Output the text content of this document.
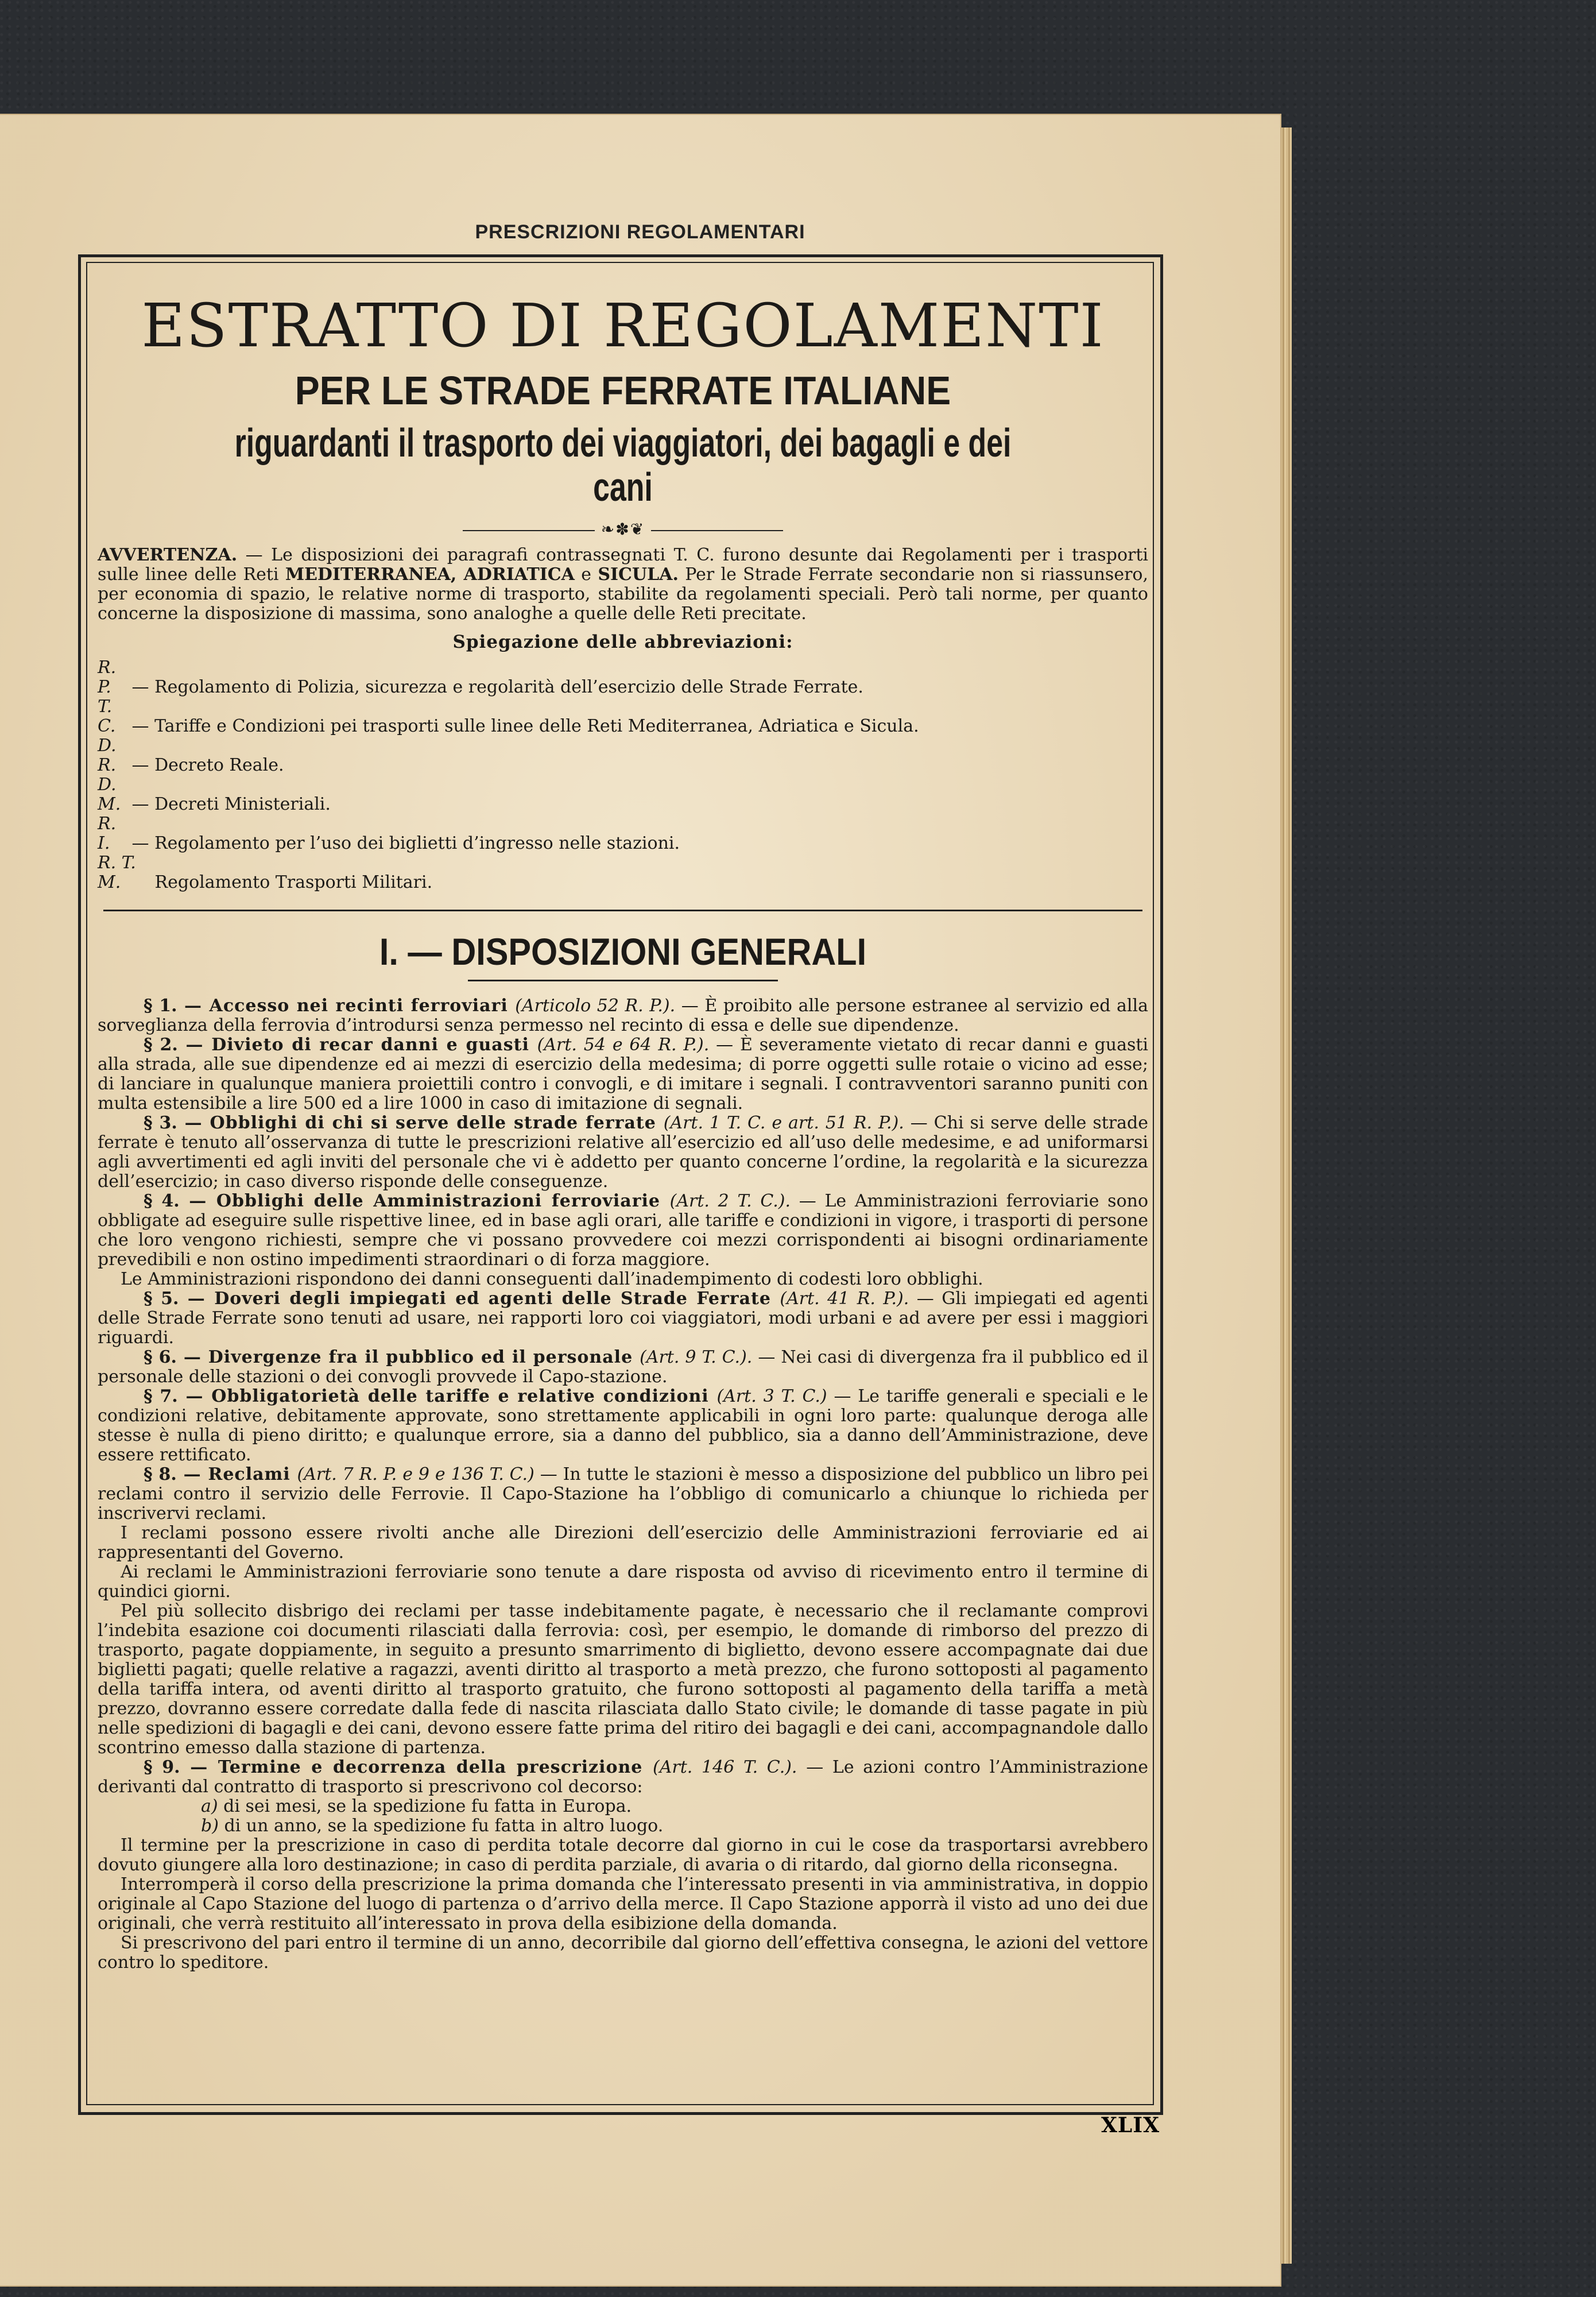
PRESCRIZIONI REGOLAMENTARI
ESTRATTO DI REGOLAMENTI
PER LE STRADE FERRATE ITALIANE
riguardanti il trasporto dei viaggiatori, dei bagagli e dei cani
❧✽❦

AVVERTENZA. — Le disposizioni dei paragrafi contrassegnati T. C. furono desunte dai Regolamenti per i trasporti sulle linee delle Reti MEDITERRANEA, ADRIATICA e SICULA. Per le Strade Ferrate secondarie non si riassunsero, per economia di spazio, le relative norme di trasporto, stabilite da regolamenti speciali. Però tali norme, per quanto concerne la disposizione di massima, sono analoghe a quelle delle Reti precitate.

Spiegazione delle abbreviazioni:

R. P. — Regolamento di Polizia, sicurezza e regolarità dell’esercizio delle Strade Ferrate.

T. C. — Tariffe e Condizioni pei trasporti sulle linee delle Reti Mediterranea, Adriatica e Sicula.

D. R. — Decreto Reale.

D. M. — Decreti Ministeriali.

R. I. — Regolamento per l’uso dei biglietti d’ingresso nelle stazioni.

R. T. M. Regolamento Trasporti Militari.

I. — DISPOSIZIONI GENERALI

§ 1. — Accesso nei recinti ferroviari (Articolo 52 R. P.). — È proibito alle persone estranee al servizio ed alla sorveglianza della ferrovia d’introdursi senza permesso nel recinto di essa e delle sue dipendenze.

§ 2. — Divieto di recar danni e guasti (Art. 54 e 64 R. P.). — È severamente vietato di recar danni e guasti alla strada, alle sue dipendenze ed ai mezzi di esercizio della medesima; di porre oggetti sulle rotaie o vicino ad esse; di lanciare in qualunque maniera proiettili contro i convogli, e di imitare i segnali. I contravventori saranno puniti con multa estensibile a lire 500 ed a lire 1000 in caso di imitazione di segnali.

§ 3. — Obblighi di chi si serve delle strade ferrate (Art. 1 T. C. e art. 51 R. P.). — Chi si serve delle strade ferrate è tenuto all’osservanza di tutte le prescrizioni relative all’esercizio ed all’uso delle medesime, e ad uniformarsi agli avvertimenti ed agli inviti del personale che vi è addetto per quanto concerne l’ordine, la regolarità e la sicurezza dell’esercizio; in caso diverso risponde delle conseguenze.

§ 4. — Obblighi delle Amministrazioni ferroviarie (Art. 2 T. C.). — Le Amministrazioni ferroviarie sono obbligate ad eseguire sulle rispettive linee, ed in base agli orari, alle tariffe e condizioni in vigore, i trasporti di persone che loro vengono richiesti, sempre che vi possano provvedere coi mezzi corrispondenti ai bisogni ordinariamente prevedibili e non ostino impedimenti straordinari o di forza maggiore.

Le Amministrazioni rispondono dei danni conseguenti dall’inadempimento di codesti loro obblighi.

§ 5. — Doveri degli impiegati ed agenti delle Strade Ferrate (Art. 41 R. P.). — Gli impiegati ed agenti delle Strade Ferrate sono tenuti ad usare, nei rapporti loro coi viaggiatori, modi urbani e ad avere per essi i maggiori riguardi.

§ 6. — Divergenze fra il pubblico ed il personale (Art. 9 T. C.). — Nei casi di divergenza fra il pubblico ed il personale delle stazioni o dei convogli provvede il Capo-stazione.

§ 7. — Obbligatorietà delle tariffe e relative condizioni (Art. 3 T. C.) — Le tariffe generali e speciali e le condizioni relative, debitamente approvate, sono strettamente applicabili in ogni loro parte: qualunque deroga alle stesse è nulla di pieno diritto; e qualunque errore, sia a danno del pubblico, sia a danno dell’Amministrazione, deve essere rettificato.

§ 8. — Reclami (Art. 7 R. P. e 9 e 136 T. C.) — In tutte le stazioni è messo a disposizione del pubblico un libro pei reclami contro il servizio delle Ferrovie. Il Capo-Stazione ha l’obbligo di comunicarlo a chiunque lo richieda per inscrivervi reclami.

I reclami possono essere rivolti anche alle Direzioni dell’esercizio delle Amministrazioni ferroviarie ed ai rappresentanti del Governo.

Ai reclami le Amministrazioni ferroviarie sono tenute a dare risposta od avviso di ricevimento entro il termine di quindici giorni.

Pel più sollecito disbrigo dei reclami per tasse indebitamente pagate, è necessario che il reclamante comprovi l’indebita esazione coi documenti rilasciati dalla ferrovia: così, per esempio, le domande di rimborso del prezzo di trasporto, pagate doppiamente, in seguito a presunto smarrimento di biglietto, devono essere accompagnate dai due biglietti pagati; quelle relative a ragazzi, aventi diritto al trasporto a metà prezzo, che furono sottoposti al pagamento della tariffa intera, od aventi diritto al trasporto gratuito, che furono sottoposti al pagamento della tariffa a metà prezzo, dovranno essere corredate dalla fede di nascita rilasciata dallo Stato civile; le domande di tasse pagate in più nelle spedizioni di bagagli e dei cani, devono essere fatte prima del ritiro dei bagagli e dei cani, accompagnandole dallo scontrino emesso dalla stazione di partenza.

§ 9. — Termine e decorrenza della prescrizione (Art. 146 T. C.). — Le azioni contro l’Amministrazione derivanti dal contratto di trasporto si prescrivono col decorso:

a) di sei mesi, se la spedizione fu fatta in Europa.

b) di un anno, se la spedizione fu fatta in altro luogo.

Il termine per la prescrizione in caso di perdita totale decorre dal giorno in cui le cose da trasportarsi avrebbero dovuto giungere alla loro destinazione; in caso di perdita parziale, di avaria o di ritardo, dal giorno della riconsegna.

Interromperà il corso della prescrizione la prima domanda che l’interessato presenti in via amministrativa, in doppio originale al Capo Stazione del luogo di partenza o d’arrivo della merce. Il Capo Stazione apporrà il visto ad uno dei due originali, che verrà restituito all’interessato in prova della esibizione della domanda.

Si prescrivono del pari entro il termine di un anno, decorribile dal giorno dell’effettiva consegna, le azioni del vettore contro lo speditore.

XLIX
